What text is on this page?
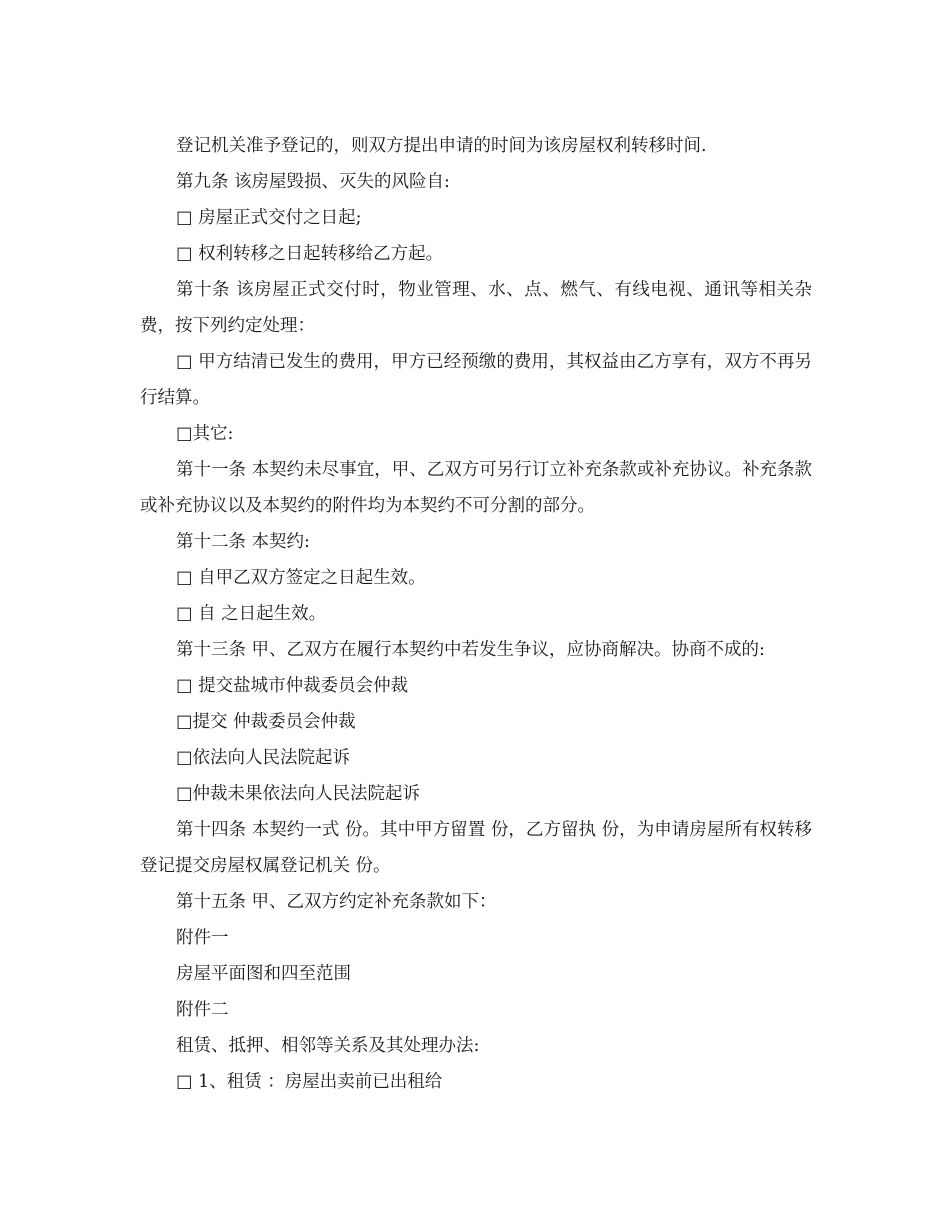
登记机关准予登记的，则双方提出申请的时间为该房屋权利转移时间.

第九条 该房屋毁损、灭失的风险自:

□ 房屋正式交付之日起;

□ 权利转移之日起转移给乙方起。

第十条 该房屋正式交付时，物业管理、水、点、燃气、有线电视、通讯等相关杂费，按下列约定处理：

□ 甲方结清已发生的费用，甲方已经预缴的费用，其权益由乙方享有，双方不再另行结算。

□其它:

第十一条 本契约未尽事宜，甲、乙双方可另行订立补充条款或补充协议。补充条款或补充协议以及本契约的附件均为本契约不可分割的部分。

第十二条 本契约:

□ 自甲乙双方签定之日起生效。

□ 自 之日起生效。

第十三条 甲、乙双方在履行本契约中若发生争议，应协商解决。协商不成的:

□ 提交盐城市仲裁委员会仲裁

□提交 仲裁委员会仲裁

□依法向人民法院起诉

□仲裁未果依法向人民法院起诉

第十四条 本契约一式 份。其中甲方留置 份，乙方留执 份，为申请房屋所有权转移登记提交房屋权属登记机关 份。

第十五条 甲、乙双方约定补充条款如下：

附件一

房屋平面图和四至范围

附件二

租赁、抵押、相邻等关系及其处理办法:

□ 1、租赁 ：房屋出卖前已出租给
